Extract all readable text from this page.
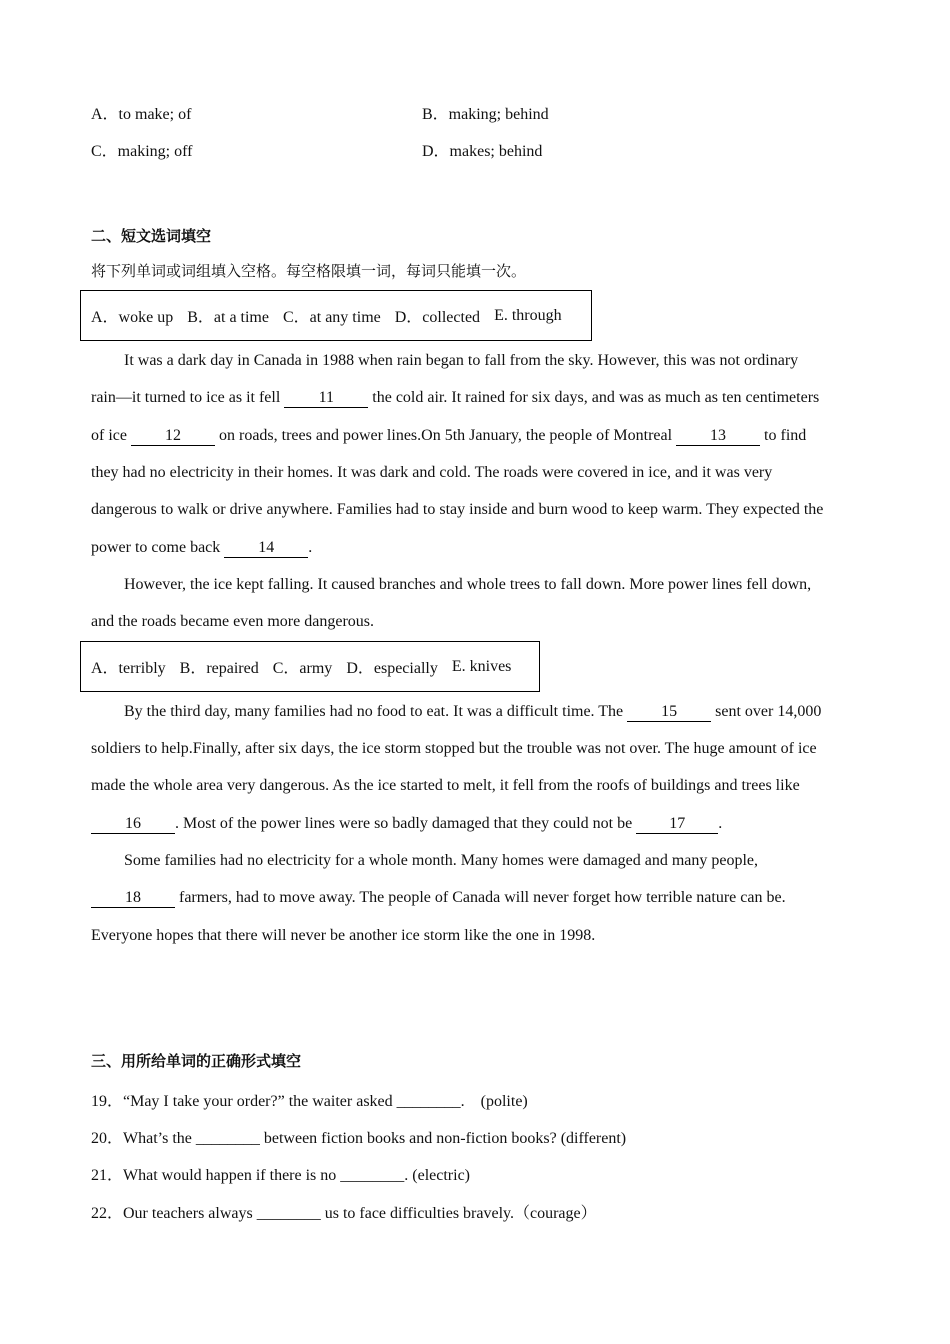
A．to make; of	B．making; behind
C．making; off	D．makes; behind
二、短文选词填空
将下列单词或词组填入空格。每空格限填一词，每词只能填一次。
A．woke up B．at a time C．at any time D．collected E. through
It was a dark day in Canada in 1988 when rain began to fall from the sky. However, this was not ordinary
rain—it turned to ice as it fell 11 the cold air. It rained for six days, and was as much as ten centimeters
of ice 12 on roads, trees and power lines.On 5th January, the people of Montreal 13 to find
they had no electricity in their homes. It was dark and cold. The roads were covered in ice, and it was very
dangerous to walk or drive anywhere. Families had to stay inside and burn wood to keep warm. They expected the
power to come back 14 .
However, the ice kept falling. It caused branches and whole trees to fall down. More power lines fell down,
and the roads became even more dangerous.
A．terribly B．repaired C．army D．especially E. knives
By the third day, many families had no food to eat. It was a difficult time. The 15 sent over 14,000
soldiers to help.Finally, after six days, the ice storm stopped but the trouble was not over. The huge amount of ice
made the whole area very dangerous. As the ice started to melt, it fell from the roofs of buildings and trees like
16 . Most of the power lines were so badly damaged that they could not be 17 .
Some families had no electricity for a whole month. Many homes were damaged and many people,
18 farmers, had to move away. The people of Canada will never forget how terrible nature can be.
Everyone hopes that there will never be another ice storm like the one in 1998.
三、用所给单词的正确形式填空
19．“May I take your order?” the waiter asked ________.　(polite)
20．What’s the ________ between fiction books and non-fiction books? (different)
21．What would happen if there is no ________. (electric)
22．Our teachers always ________ us to face difficulties bravely.（courage）
